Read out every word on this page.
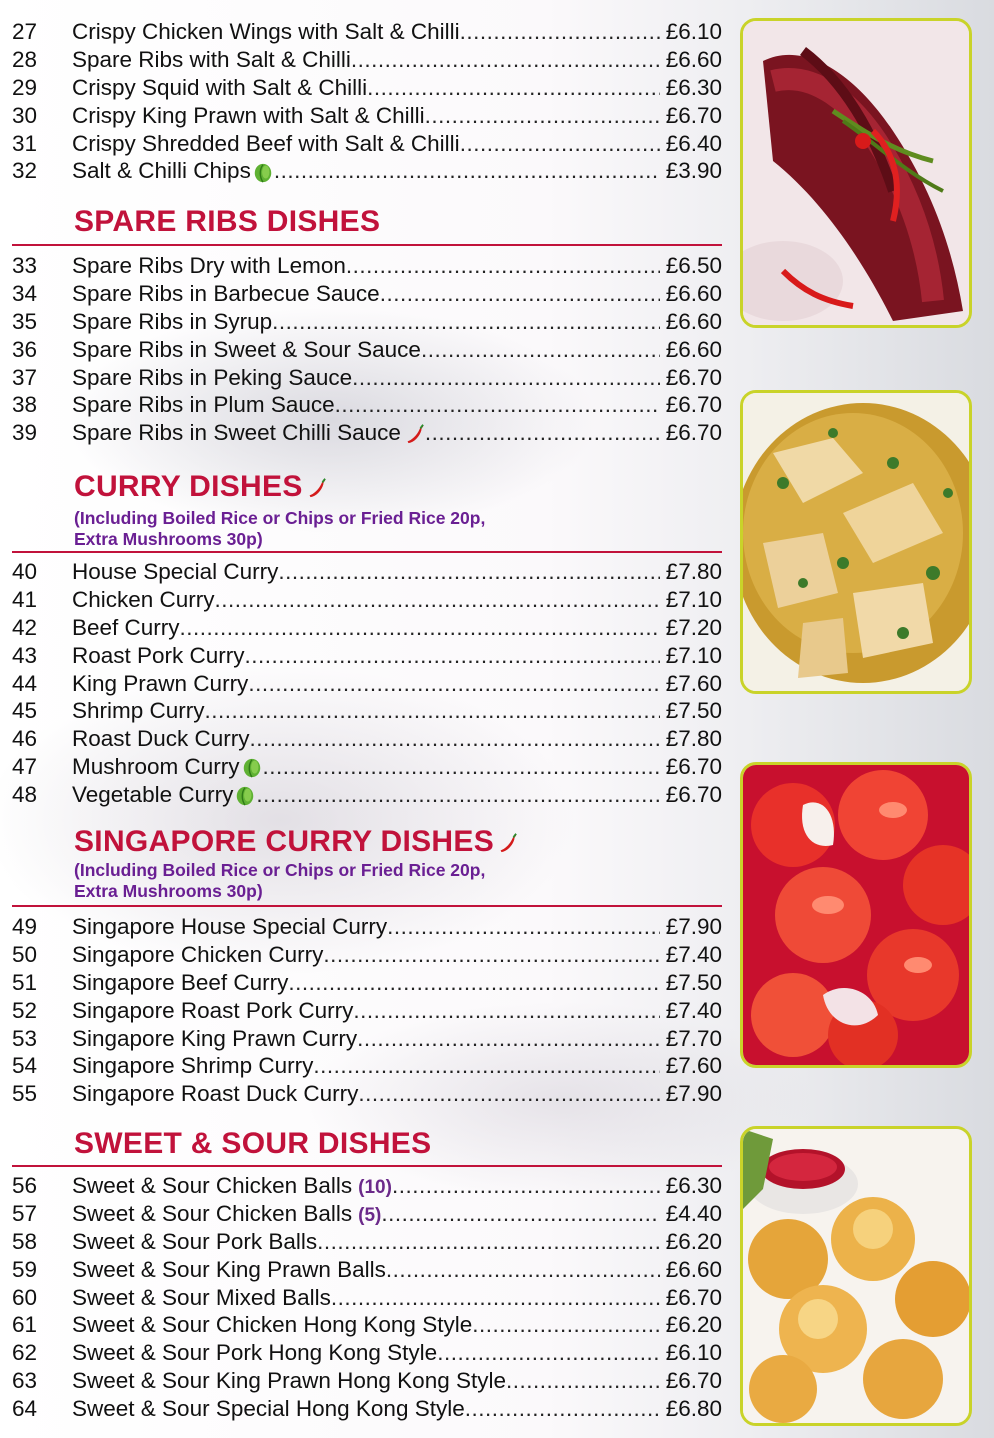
27	Crispy Chicken Wings with Salt & Chilli .....	£6.10
28	Spare Ribs with Salt & Chilli .....	£6.60
29	Crispy Squid with Salt & Chilli .....	£6.30
30	Crispy King Prawn with Salt & Chilli .....	£6.70
31	Crispy Shredded Beef with Salt & Chilli .....	£6.40
32	Salt & Chilli Chips .....	£3.90
SPARE RIBS DISHES
33	Spare Ribs Dry with Lemon .....	£6.50
34	Spare Ribs in Barbecue Sauce .....	£6.60
35	Spare Ribs in Syrup .....	£6.60
36	Spare Ribs in Sweet & Sour Sauce .....	£6.60
37	Spare Ribs in Peking Sauce .....	£6.70
38	Spare Ribs in Plum Sauce .....	£6.70
39	Spare Ribs in Sweet Chilli Sauce .....	£6.70
CURRY DISHES
(Including Boiled Rice or Chips or Fried Rice 20p,
Extra Mushrooms 30p)
40	House Special Curry .....	£7.80
41	Chicken Curry .....	£7.10
42	Beef Curry .....	£7.20
43	Roast Pork Curry .....	£7.10
44	King Prawn Curry .....	£7.60
45	Shrimp Curry .....	£7.50
46	Roast Duck Curry .....	£7.80
47	Mushroom Curry .....	£6.70
48	Vegetable Curry .....	£6.70
SINGAPORE CURRY DISHES
(Including Boiled Rice or Chips or Fried Rice 20p,
Extra Mushrooms 30p)
49	Singapore House Special Curry .....	£7.90
50	Singapore Chicken Curry .....	£7.40
51	Singapore Beef Curry .....	£7.50
52	Singapore Roast Pork Curry .....	£7.40
53	Singapore King Prawn Curry .....	£7.70
54	Singapore Shrimp Curry .....	£7.60
55	Singapore Roast Duck Curry .....	£7.90
SWEET & SOUR DISHES
56	Sweet & Sour Chicken Balls (10) .....	£6.30
57	Sweet & Sour Chicken Balls (5) .....	£4.40
58	Sweet & Sour Pork Balls .....	£6.20
59	Sweet & Sour King Prawn Balls .....	£6.60
60	Sweet & Sour Mixed Balls .....	£6.70
61	Sweet & Sour Chicken Hong Kong Style .....	£6.20
62	Sweet & Sour Pork Hong Kong Style .....	£6.10
63	Sweet & Sour King Prawn Hong Kong Style .....	£6.70
64	Sweet & Sour Special Hong Kong Style .....	£6.80
